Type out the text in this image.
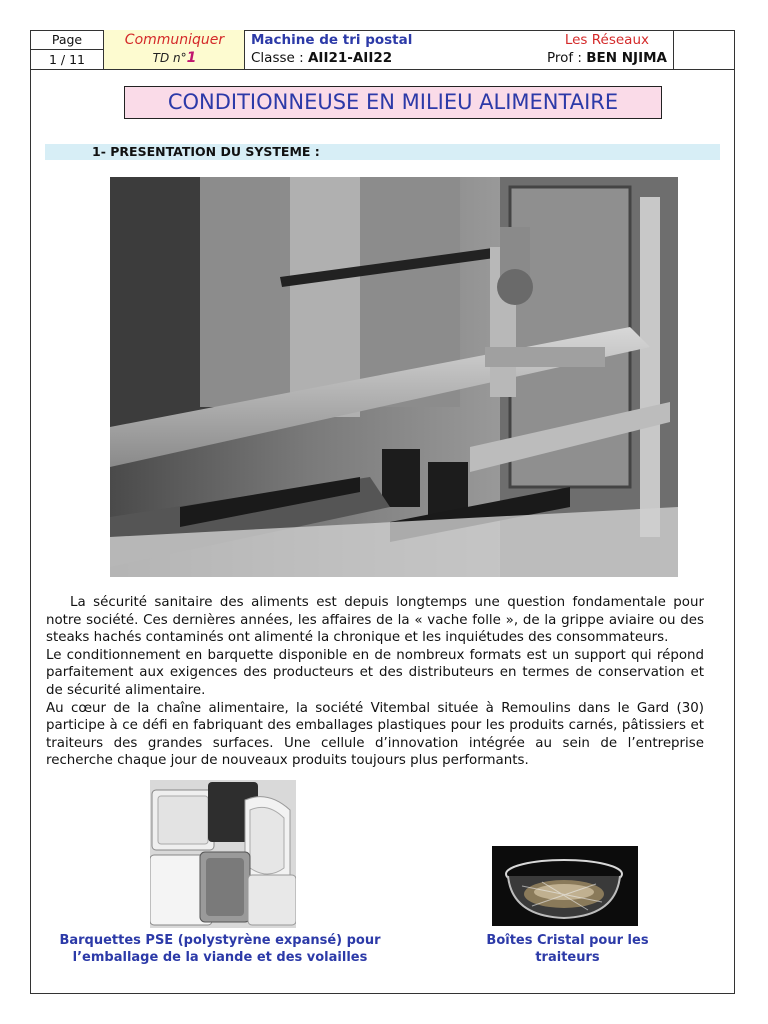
Page
1 / 11
Communiquer
TD n°1
Machine de tri postal
Classe : AII21-AII22
Les Réseaux
Prof : BEN NJIMA
CONDITIONNEUSE EN MILIEU ALIMENTAIRE
1- PRESENTATION DU SYSTEME :

La sécurité sanitaire des aliments est depuis longtemps une question fondamentale pour notre société. Ces dernières années, les affaires de la « vache folle », de la grippe aviaire ou des steaks hachés contaminés ont alimenté la chronique et les inquiétudes des consommateurs.

Le conditionnement en barquette disponible en de nombreux formats est un support qui répond parfaitement aux exigences des producteurs et des distributeurs en termes de conservation et de sécurité alimentaire.

Au cœur de la chaîne alimentaire, la société Vitembal située à Remoulins dans le Gard (30) participe à ce défi en fabriquant des emballages plastiques pour les produits carnés, pâtissiers et traiteurs des grandes surfaces. Une cellule d’innovation intégrée au sein de l’entreprise recherche chaque jour de nouveaux produits toujours plus performants.

Barquettes PSE (polystyrène expansé) pour l’emballage de la viande et des volailles
Boîtes Cristal pour les traiteurs
